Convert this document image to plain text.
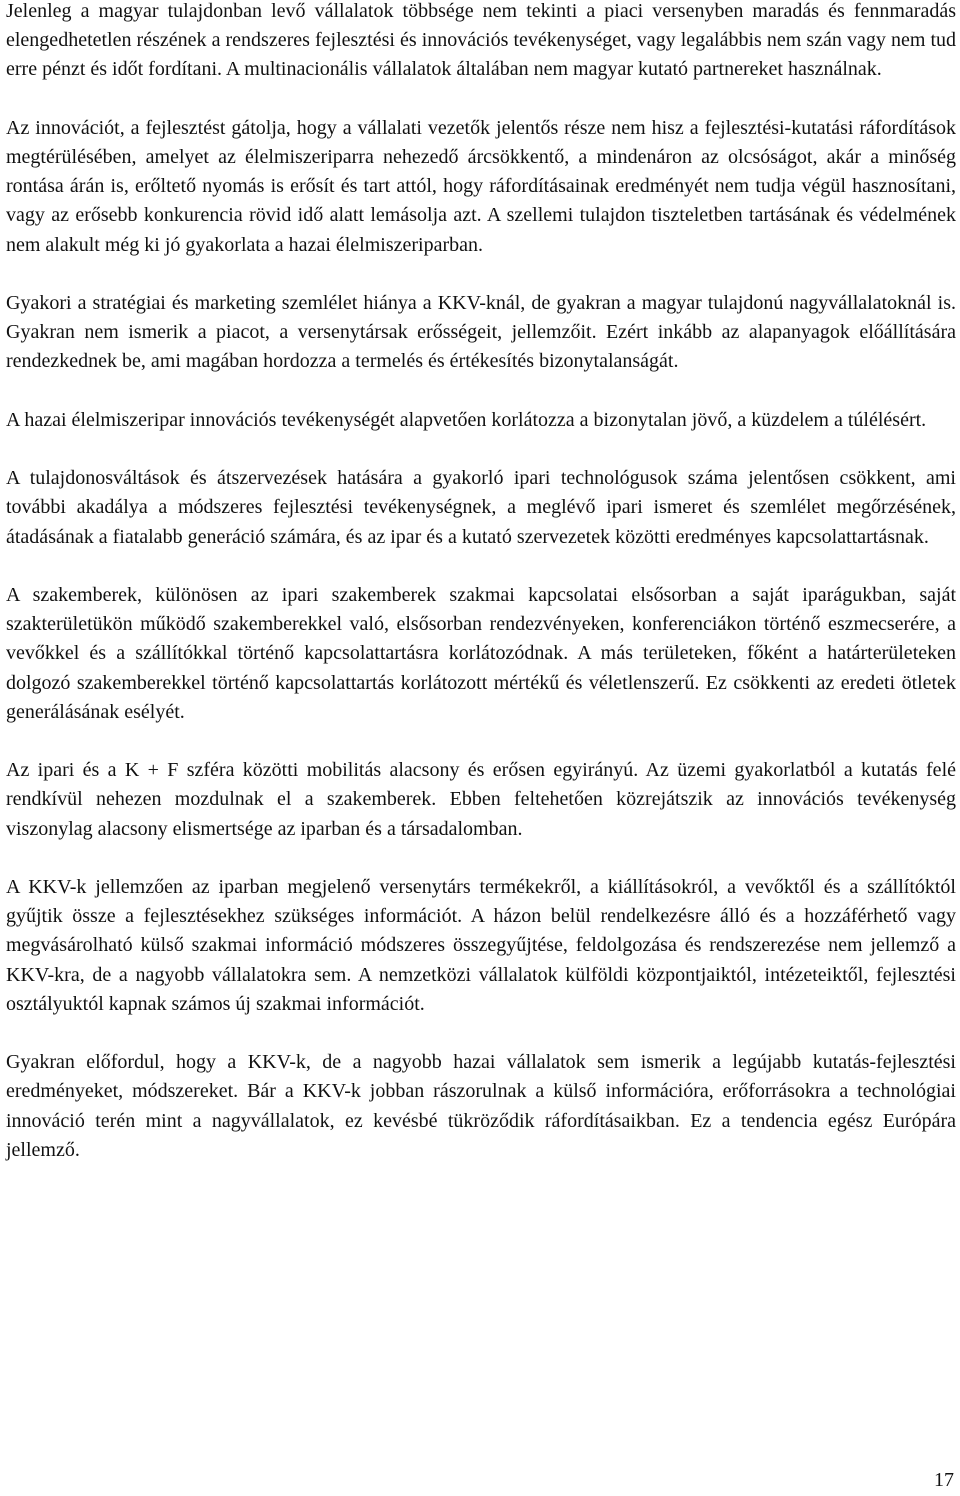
Jelenleg a magyar tulajdonban levő vállalatok többsége nem tekinti a piaci versenyben maradás és fennmaradás elengedhetetlen részének a rendszeres fejlesztési és innovációs tevékenységet, vagy legalábbis nem szán vagy nem tud erre pénzt és időt fordítani. A multinacionális vállalatok általában nem magyar kutató partnereket használnak.

Az innovációt, a fejlesztést gátolja, hogy a vállalati vezetők jelentős része nem hisz a fejlesztési-kutatási ráfordítások megtérülésében, amelyet az élelmiszeriparra nehezedő árcsökkentő, a mindenáron az olcsóságot, akár a minőség rontása árán is, erőltető nyomás is erősít és tart attól, hogy ráfordításainak eredményét nem tudja végül hasznosítani, vagy az erősebb konkurencia rövid idő alatt lemásolja azt. A szellemi tulajdon tiszteletben tartásának és védelmének nem alakult még ki jó gyakorlata a hazai élelmiszeriparban.

Gyakori a stratégiai és marketing szemlélet hiánya a KKV-knál, de gyakran a magyar tulajdonú nagyvállalatoknál is. Gyakran nem ismerik a piacot, a versenytársak erősségeit, jellemzőit. Ezért inkább az alapanyagok előállítására rendezkednek be, ami magában hordozza a termelés és értékesítés bizonytalanságát.

A hazai élelmiszeripar innovációs tevékenységét alapvetően korlátozza a bizonytalan jövő, a küzdelem a túlélésért.

A tulajdonosváltások és átszervezések hatására a gyakorló ipari technológusok száma jelentősen csökkent, ami további akadálya a módszeres fejlesztési tevékenységnek, a meglévő ipari ismeret és szemlélet megőrzésének, átadásának a fiatalabb generáció számára, és az ipar és a kutató szervezetek közötti eredményes kapcsolattartásnak.

A szakemberek, különösen az ipari szakemberek szakmai kapcsolatai elsősorban a saját iparágukban, saját szakterületükön működő szakemberekkel való, elsősorban rendezvényeken, konferenciákon történő eszmecserére, a vevőkkel és a szállítókkal történő kapcsolattartásra korlátozódnak. A más területeken, főként a határterületeken dolgozó szakemberekkel történő kapcsolattartás korlátozott mértékű és véletlenszerű. Ez csökkenti az eredeti ötletek generálásának esélyét.

Az ipari és a K + F szféra közötti mobilitás alacsony és erősen egyirányú. Az üzemi gyakorlatból a kutatás felé rendkívül nehezen mozdulnak el a szakemberek. Ebben feltehetően közrejátszik az innovációs tevékenység viszonylag alacsony elismertsége az iparban és a társadalomban.

A KKV-k jellemzően az iparban megjelenő versenytárs termékekről, a kiállításokról, a vevőktől és a szállítóktól gyűjtik össze a fejlesztésekhez szükséges információt. A házon belül rendelkezésre álló és a hozzáférhető vagy megvásárolható külső szakmai információ módszeres összegyűjtése, feldolgozása és rendszerezése nem jellemző a KKV-kra, de a nagyobb vállalatokra sem. A nemzetközi vállalatok külföldi központjaiktól, intézeteiktől, fejlesztési osztályuktól kapnak számos új szakmai információt.

Gyakran előfordul, hogy a KKV-k, de a nagyobb hazai vállalatok sem ismerik a legújabb kutatás-fejlesztési eredményeket, módszereket. Bár a KKV-k jobban rászorulnak a külső információra, erőforrásokra a technológiai innováció terén mint a nagyvállalatok, ez kevésbé tükröződik ráfordításaikban. Ez a tendencia egész Európára jellemző.

17
